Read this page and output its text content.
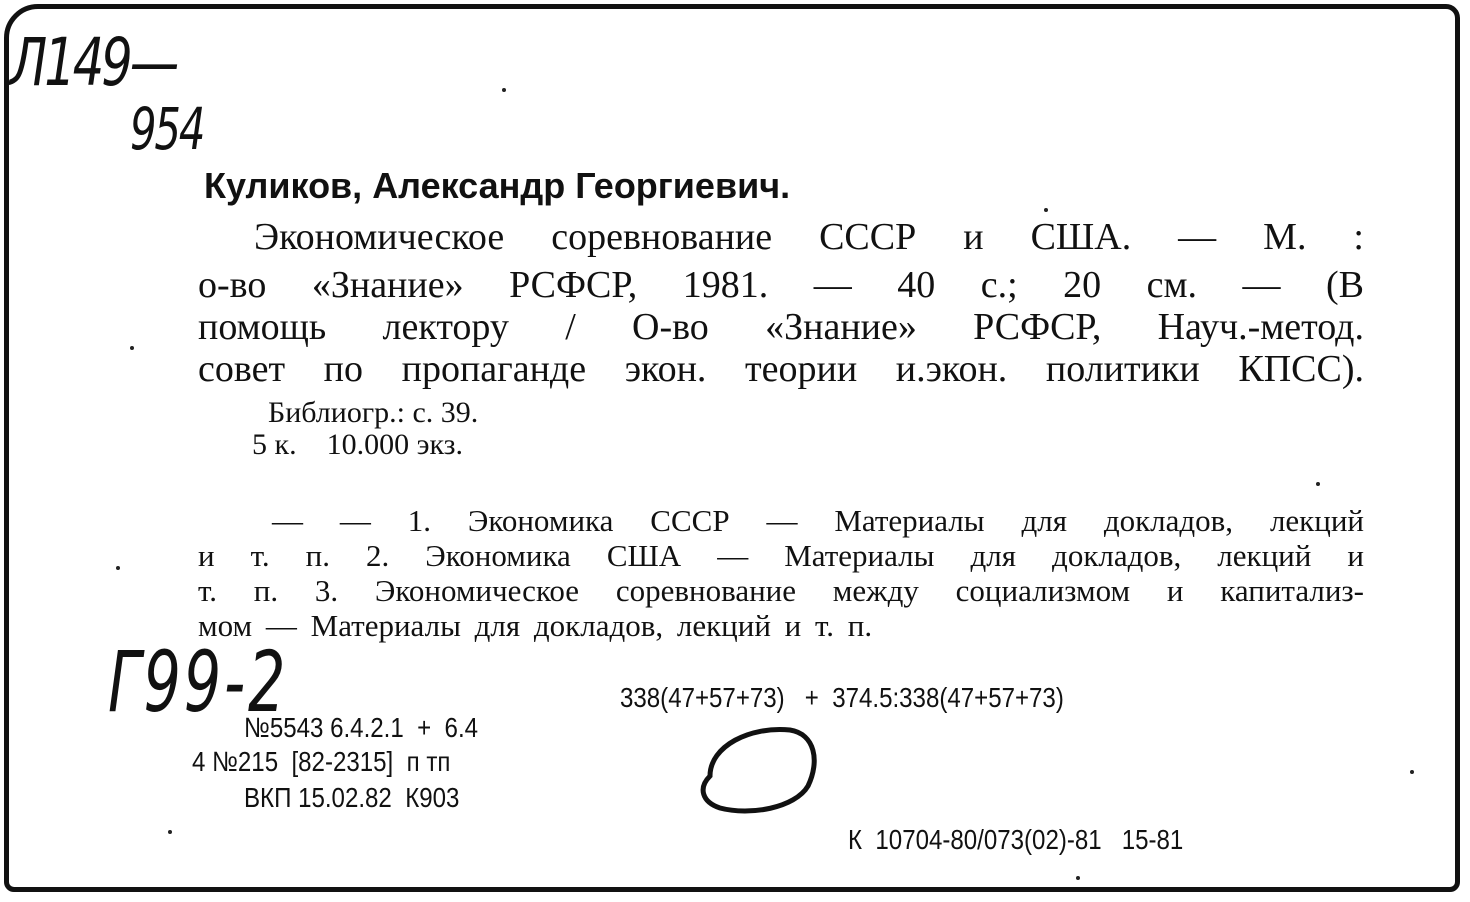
Л149—
954
Куликов, Александр Георгиевич.
Экономическое соревнование СССР и США. — М. :
о-во «Знание» РСФСР, 1981. — 40 с.; 20 см. — (В
помощь лектору / О-во «Знание» РСФСР, Науч.-метод.
совет по пропаганде экон. теории и.экон. политики КПСС).
Библиогр.: с. 39.
5 к.    10.000 экз.
— — 1. Экономика СССР — Материалы для докладов, лекций
и т. п. 2. Экономика США — Материалы для докладов, лекций и
т. п. 3. Экономическое соревнование между социализмом и капитализ-
мом — Материалы для докладов, лекций и т. п.
Г99-2	338(47+57+73)   +  374.5:338(47+57+73)
№5543 6.4.2.1  +  6.4
4 №215  [82-2315]  п тп
ВКП 15.02.82  К903
К  10704-80/073(02)-81   15-81
